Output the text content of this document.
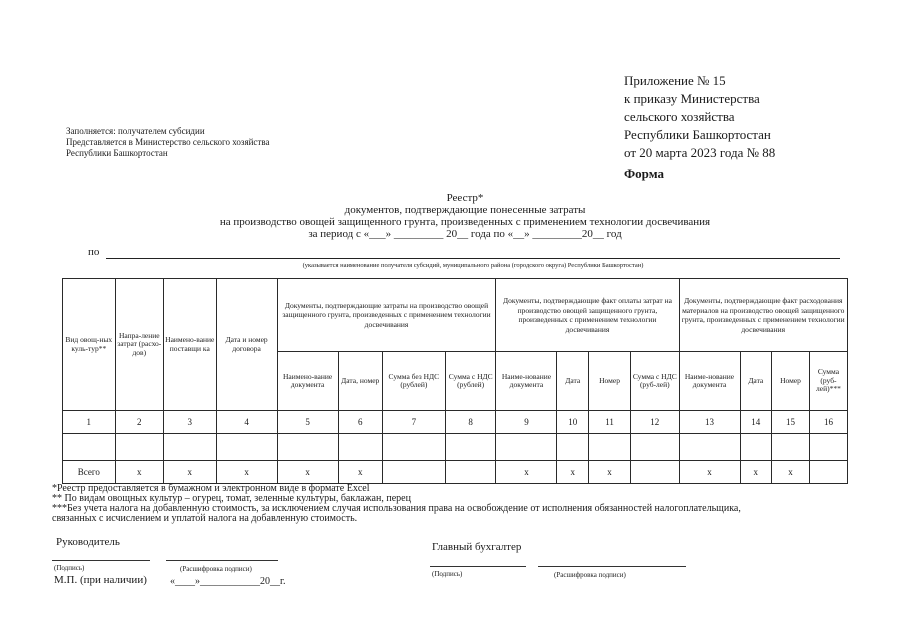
Приложение № 15
к приказу Министерства
сельского хозяйства
Республики Башкортостан
от 20 марта 2023 года № 88
Форма
Заполняется: получателем субсидии
Представляется в Министерство сельского хозяйства
Республики Башкортостан
Реестр*
документов, подтверждающие понесенные затраты
на производство овощей защищенного грунта, произведенных с применением технологии досвечивания
за период с «___» _________ 20__ года по «__» _________20__ год
по
(указывается наименование получателя субсидий, муниципального района (городского округа) Республики Башкортостан)
Вид овощ-ных куль-тур**	Напра-ление затрат (расхо-дов)	Наимено-вание поставщи ка	Дата и номер договора	Документы, подтверждающие затраты на производство овощей защищенного грунта, произведенных с применением технологии досвечивания				Документы, подтверждающие факт оплаты затрат на производство овощей защищенного грунта, произведенных с применением технологии досвечивания				Документы, подтверждающие факт расходования материалов на производство овощей защищенного грунта, произведенных с применением технологии досвечивания			
				Наимено-вание документа	Дата, номер	Сумма без НДС (рублей)	Сумма с НДС (рублей)	Наиме-нование документа	Дата	Номер	Сумма с НДС (руб-лей)	Наиме-нование документа	Дата	Номер	Сумма (руб-лей)***
1	2	3	4	5	6	7	8	9	10	11	12	13	14	15	16

Всего	x	x	x	x	x			x	x	x		x	x	x	
*Реестр предоставляется в бумажном и электронном виде в формате Excel
** По видам овощных культур – огурец, томат, зеленные культуры, баклажан, перец
***Без учета налога на добавленную стоимость, за исключением случая использования права на освобождение от исполнения обязанностей налогоплательщика,
связанных с исчислением и уплатой налога на добавленную стоимость.
Руководитель
(Подпись)	(Расшифровка подписи)
М.П. (при наличии) «____»____________20__г.
Главный бухгалтер
(Подпись)	(Расшифровка подписи)
